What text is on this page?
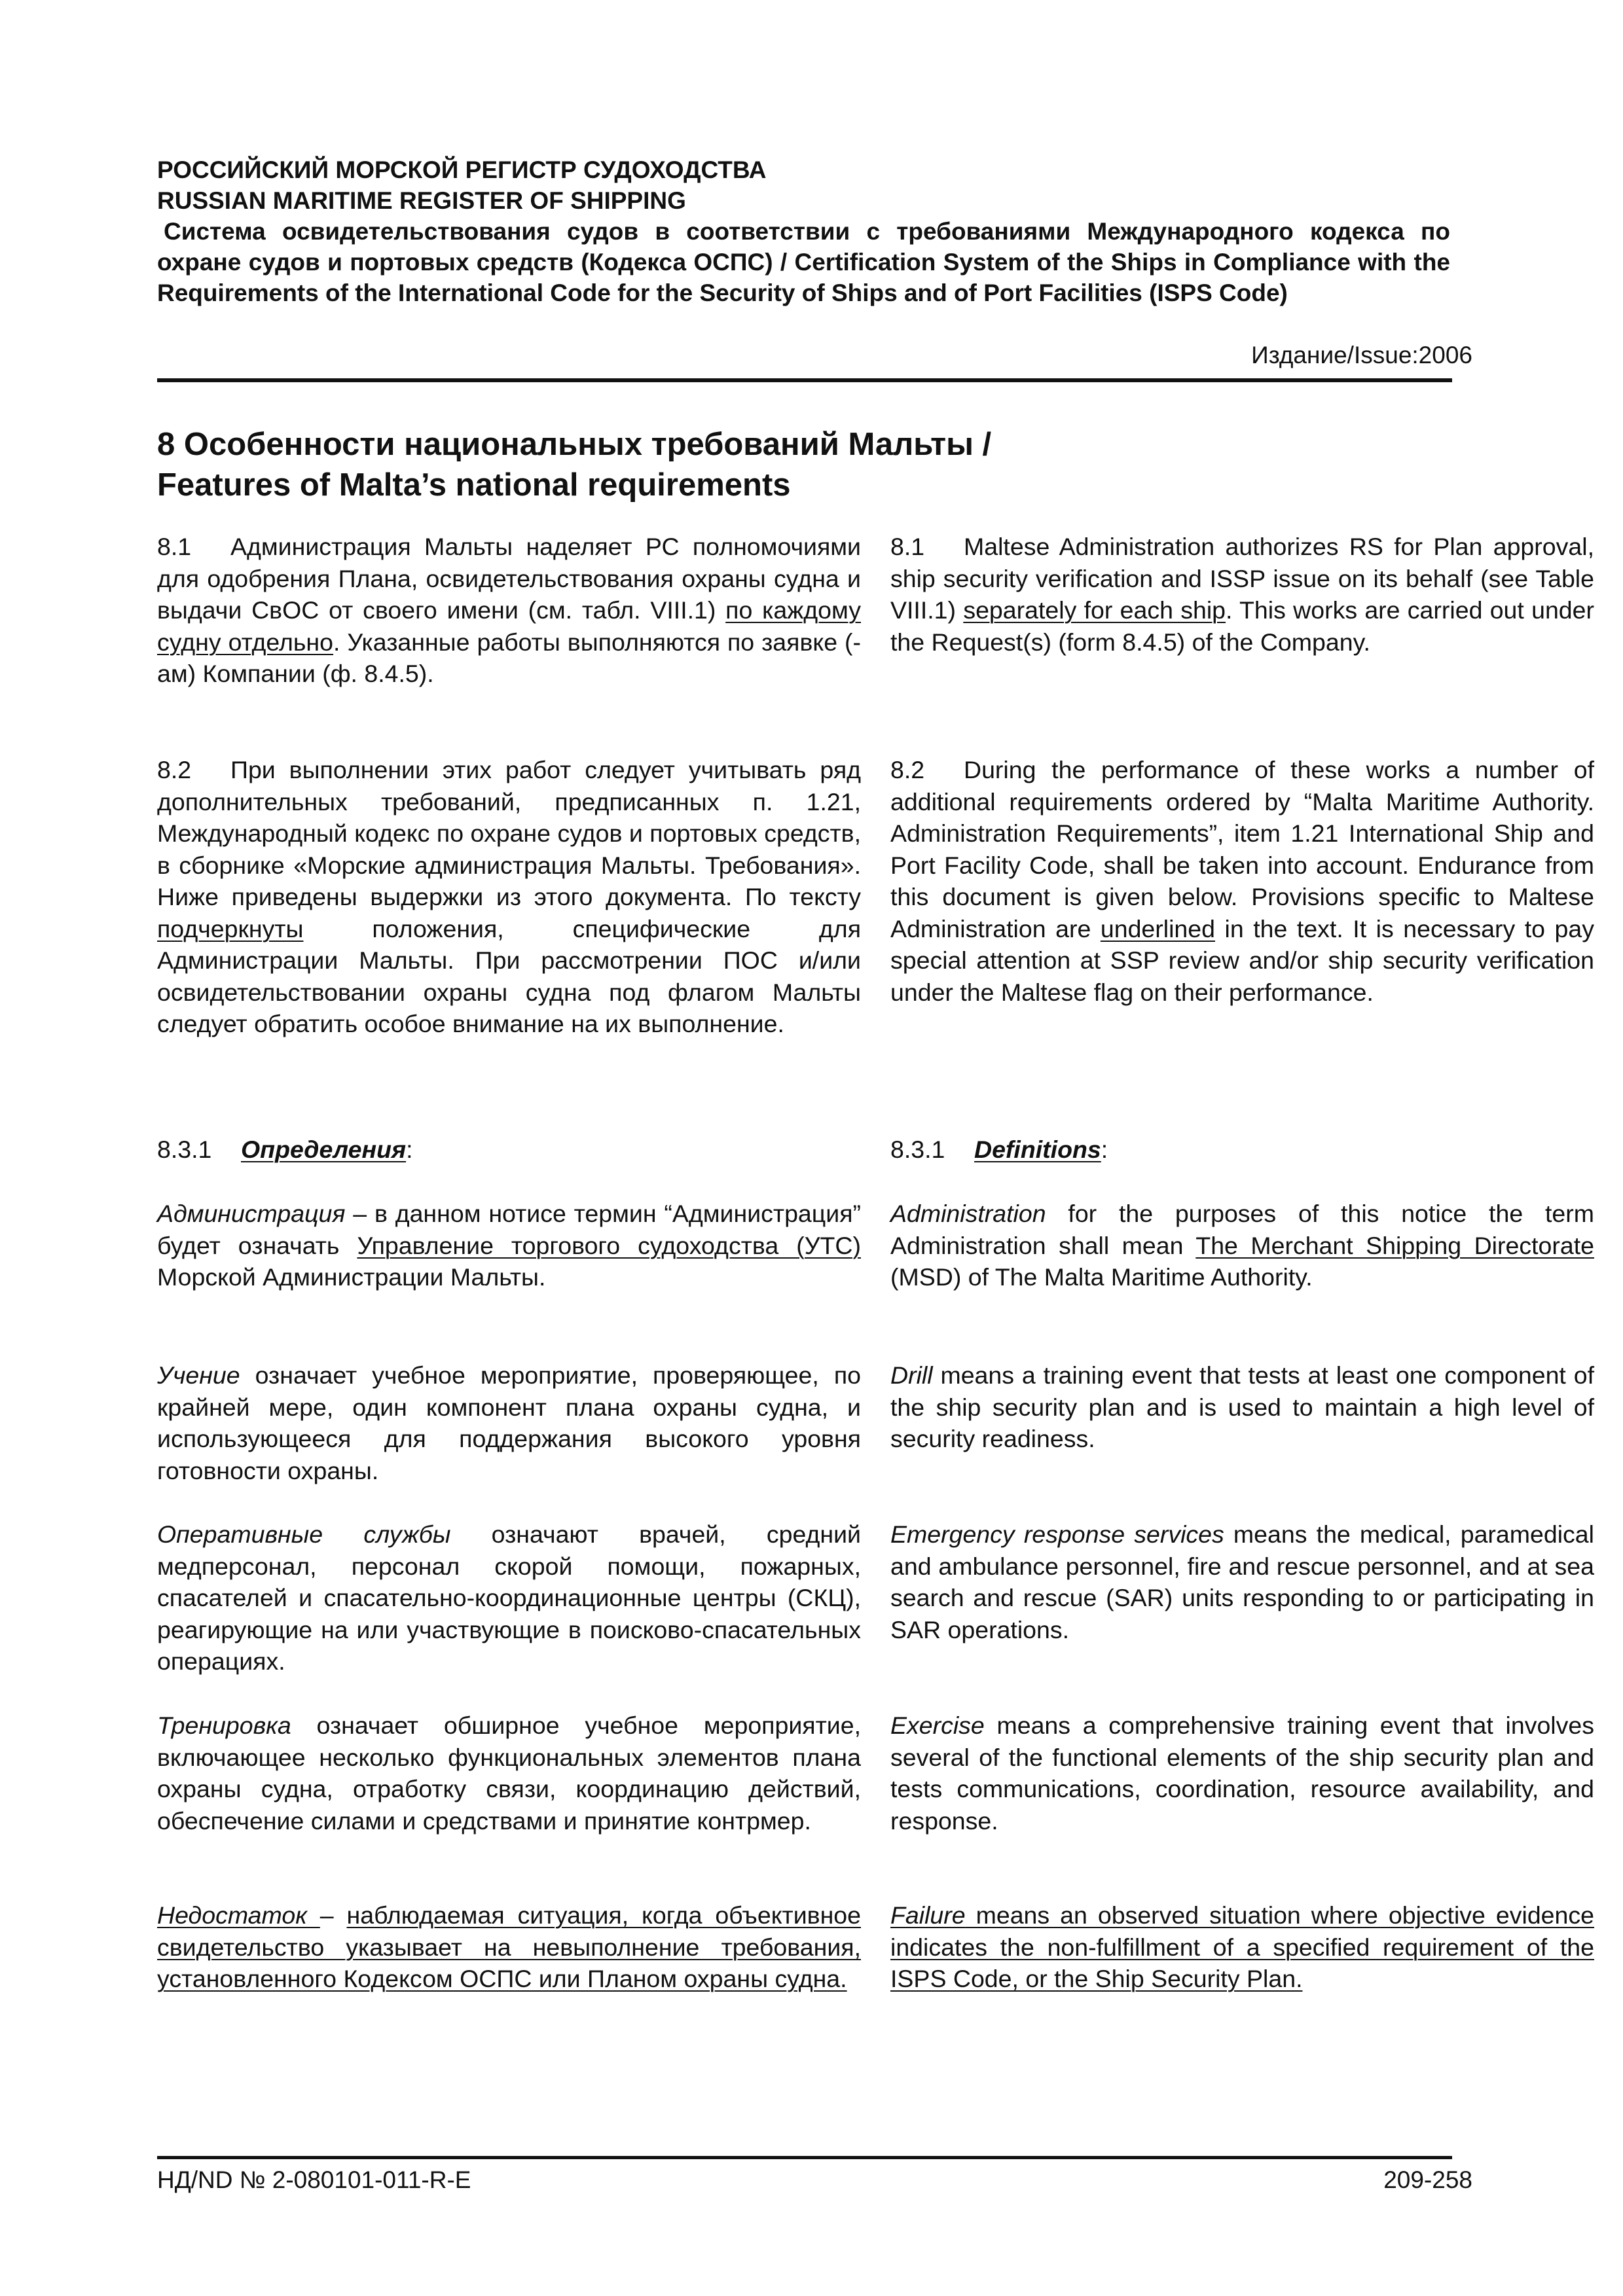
РОССИЙСКИЙ МОРСКОЙ РЕГИСТР СУДОХОДСТВА
RUSSIAN MARITIME REGISTER OF SHIPPING
Система освидетельствования судов в соответствии с требованиями Международного кодекса по охране судов и портовых средств (Кодекса ОСПС) / Certification System of the Ships in Compliance with the Requirements of the International Code for the Security of Ships and of Port Facilities (ISPS Code)
Издание/Issue:2006
8 Особенности национальных требований Мальты /
Features of Malta’s national requirements
8.1 Администрация Мальты наделяет РС полномочиями для одобрения Плана, освидетельствования охраны судна и выдачи СвОС от своего имени (см. табл. VIII.1) по каждому судну отдельно. Указанные работы выполняются по заявке (-ам) Компании (ф. 8.4.5).
8.1 Maltese Administration authorizes RS for Plan approval, ship security verification and ISSP issue on its behalf (see Table VIII.1) separately for each ship. This works are carried out under the Request(s) (form 8.4.5) of the Company.
8.2 При выполнении этих работ следует учитывать ряд дополнительных требований, предписанных п. 1.21, Международный кодекс по охране судов и портовых средств, в сборнике «Морские администрация Мальты. Требования». Ниже приведены выдержки из этого документа. По тексту подчеркнуты положения, специфические для Администрации Мальты. При рассмотрении ПОС и/или освидетельствовании охраны судна под флагом Мальты следует обратить особое внимание на их выполнение.
8.2 During the performance of these works a number of additional requirements ordered by “Malta Maritime Authority. Administration Requirements”, item 1.21 International Ship and Port Facility Code, shall be taken into account. Endurance from this document is given below. Provisions specific to Maltese Administration are underlined in the text. It is necessary to pay special attention at SSP review and/or ship security verification under the Maltese flag on their performance.
8.3.1 Определения:	8.3.1 Definitions:
Администрация – в данном нотисе термин “Администрация” будет означать Управление торгового судоходства (УТС) Морской Администрации Мальты.
Administration for the purposes of this notice the term Administration shall mean The Merchant Shipping Directorate (MSD) of The Malta Maritime Authority.
Учение означает учебное мероприятие, проверяющее, по крайней мере, один компонент плана охраны судна, и использующееся для поддержания высокого уровня готовности охраны.
Drill means a training event that tests at least one component of the ship security plan and is used to maintain a high level of security readiness.
Оперативные службы означают врачей, средний медперсонал, персонал скорой помощи, пожарных, спасателей и спасательно-координационные центры (СКЦ), реагирующие на или участвующие в поисково-спасательных операциях.
Emergency response services means the medical, paramedical and ambulance personnel, fire and rescue personnel, and at sea search and rescue (SAR) units responding to or participating in SAR operations.
Тренировка означает обширное учебное мероприятие, включающее несколько функциональных элементов плана охраны судна, отработку связи, координацию действий, обеспечение силами и средствами и принятие контрмер.
Exercise means a comprehensive training event that involves several of the functional elements of the ship security plan and tests communications, coordination, resource availability, and response.
Недостаток – наблюдаемая ситуация, когда объективное свидетельство указывает на невыполнение требования, установленного Кодексом ОСПС или Планом охраны судна.
Failure means an observed situation where objective evidence indicates the non-fulfillment of a specified requirement of the ISPS Code, or the Ship Security Plan.
НД/ND № 2-080101-011-R-E	209-258
